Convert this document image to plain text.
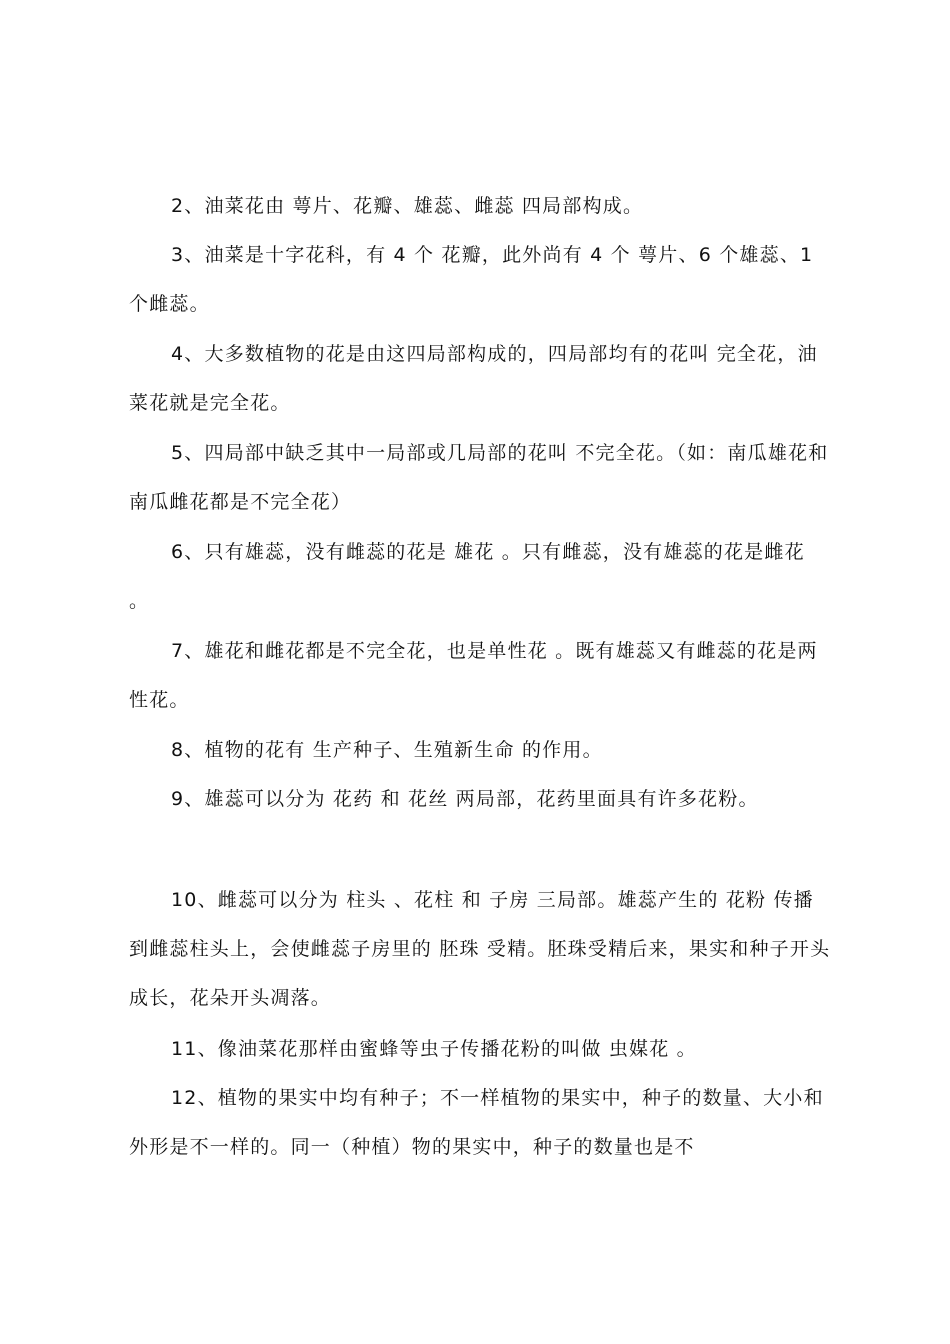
2、油菜花由 萼片、花瓣、雄蕊、雌蕊 四局部构成。

3、油菜是十字花科，有 4 个 花瓣，此外尚有 4 个 萼片、6 个雄蕊、1 个雌蕊。

4、大多数植物的花是由这四局部构成的，四局部均有的花叫 完全花，油菜花就是完全花。

5、四局部中缺乏其中一局部或几局部的花叫 不完全花。（如：南瓜雄花和南瓜雌花都是不完全花）

6、只有雄蕊，没有雌蕊的花是 雄花 。只有雌蕊，没有雄蕊的花是雌花 。

7、雄花和雌花都是不完全花，也是单性花 。既有雄蕊又有雌蕊的花是两性花。

8、植物的花有 生产种子、生殖新生命 的作用。

9、雄蕊可以分为 花药 和 花丝 两局部，花药里面具有许多花粉。

10、雌蕊可以分为 柱头 、花柱 和 子房 三局部。雄蕊产生的 花粉 传播到雌蕊柱头上，会使雌蕊子房里的 胚珠 受精。胚珠受精后来，果实和种子开头成长，花朵开头凋落。

11、像油菜花那样由蜜蜂等虫子传播花粉的叫做 虫媒花 。

12、植物的果实中均有种子；不一样植物的果实中，种子的数量、大小和外形是不一样的。同一（种植）物的果实中，种子的数量也是不
